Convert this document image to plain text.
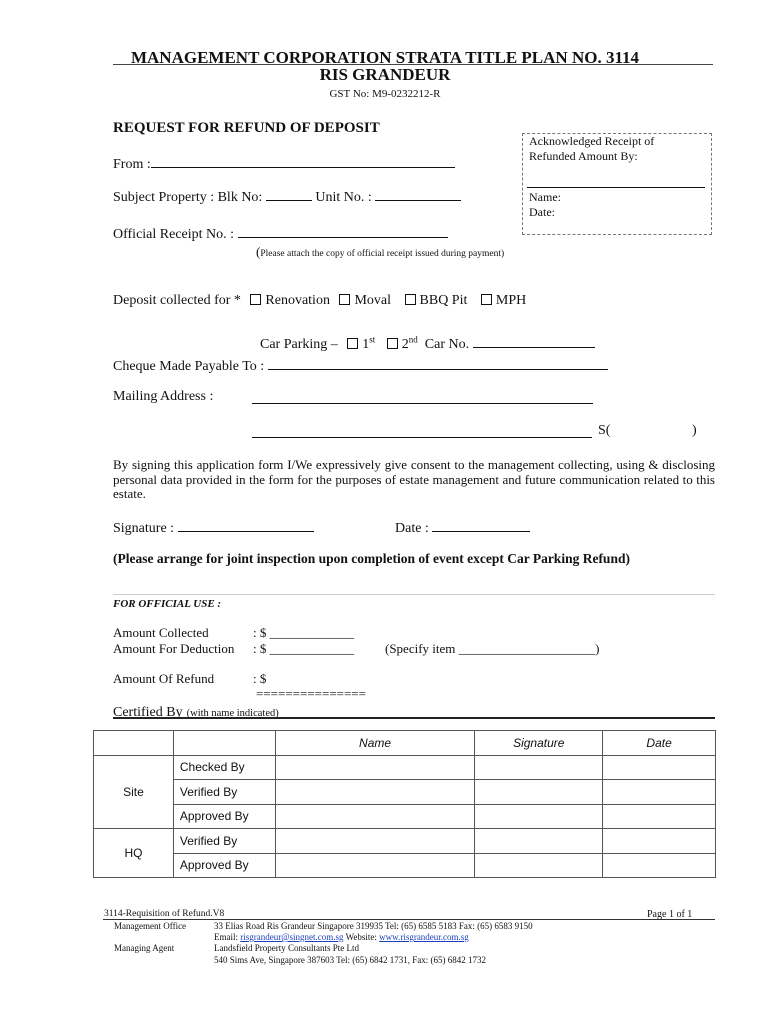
MANAGEMENT CORPORATION STRATA TITLE PLAN NO. 3114
RIS GRANDEUR
GST No: M9-0232212-R
Acknowledged Receipt of
Refunded Amount By:
Name:
Date:
REQUEST FOR REFUND OF DEPOSIT
From :
Subject Property : Blk No:	Unit No. :
Official Receipt No. :
(Please attach the copy of official receipt issued during payment)
Deposit collected for * Renovation Moval BBQ Pit MPH
Car Parking – 1st 2nd Car No.
Cheque Made Payable To :
Mailing Address :
S(	)
By signing this application form I/We expressively give consent to the management collecting, using & disclosing personal data provided in the form for the purposes of estate management and future communication related to this estate.
Signature :	Date :
(Please arrange for joint inspection upon completion of event except Car Parking Refund)
FOR OFFICIAL USE :
Amount Collected	: $ _____________
Amount For Deduction : $ _____________ (Specify item _____________________)
Amount Of Refund	: $
===============
Certified By (with name indicated)
		Name	Signature	Date
Site	Checked By			
	Verified By			
	Approved By			
HQ	Verified By			
	Approved By			
3114-Requisition of Refund.V8	Page 1 of 1
Management Office	33 Elias Road Ris Grandeur Singapore 319935 Tel: (65) 6585 5183 Fax: (65) 6583 9150
Email: risgrandeur@singnet.com.sg Website: www.risgrandeur.com.sg
Managing Agent	Landsfield Property Consultants Pte Ltd
540 Sims Ave, Singapore 387603 Tel: (65) 6842 1731, Fax: (65) 6842 1732
